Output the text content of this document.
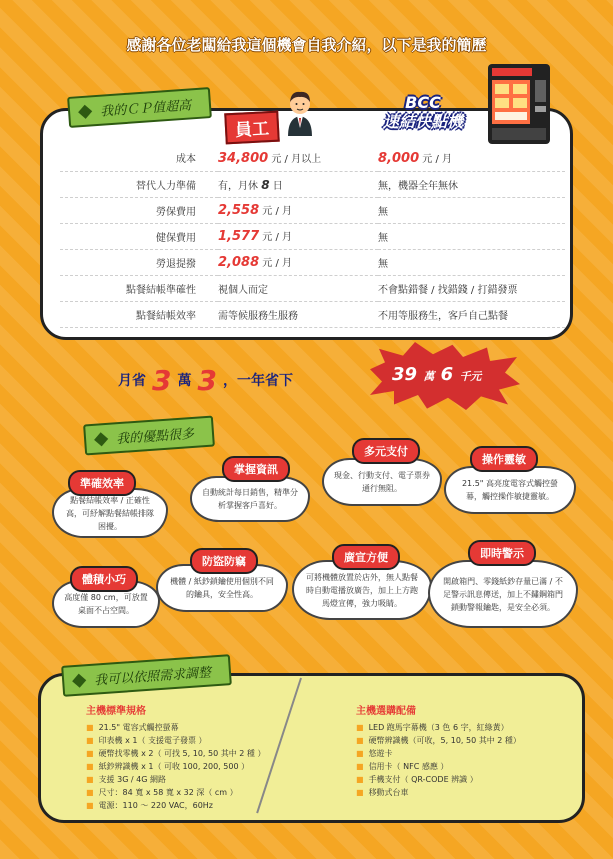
感謝各位老闆給我這個機會自我介紹，以下是我的簡歷
我的ＣＰ值超高
員工
BCC
速結快點機
成本	34,800 元 / 月以上	8,000 元 / 月
替代人力準備	有，月休 8 日	無，機器全年無休
勞保費用	2,558 元 / 月	無
健保費用	1,577 元 / 月	無
勞退提撥	2,088 元 / 月	無
點餐結帳準確性	視個人而定	不會點錯餐 / 找錯錢 / 打錯發票
點餐結帳效率	需等候服務生服務	不用等服務生，客戶自己點餐
月省 3 萬 3 ，一年省下	39 萬 6 千元
我的優點很多
點餐結帳效率 / 正確性高，可紓解點餐結帳排隊困擾。
準確效率
自動統計每日銷售，精準分析掌握客戶喜好。
掌握資訊	現金、行動支付、電子票券通行無阻。
多元支付
21.5" 高亮度電容式觸控螢幕，觸控操作敏捷靈敏。
操作靈敏
高度僅 80 cm，可放置桌面不占空間。
體積小巧	機體 / 紙鈔鎖鑰使用個別不同的鑰具，安全性高。
防盜防竊
可將機體放置於店外，無人點餐時自動電播放廣告，加上上方跑馬燈宣傳，強力吸睛。
廣宣方便
開啟箱門、零錢紙鈔存量已滿 / 不足警示訊息傳送，加上不鏽鋼箱門鎖動警報鑰匙，是安全必須。
即時警示
我可以依照需求調整
主機標準規格
■ 21.5" 電容式觸控螢幕
■ 印表機 x 1（ 支援電子發票 ）
■ 硬幣找零機 x 2（ 可找 5, 10, 50 其中 2 種 ）
■ 紙鈔辨識機 x 1（ 可收 100, 200, 500 ）
■ 支援 3G / 4G 網路
■ 尺寸：84 寬 x 58 寬 x 32 深（ cm ）
■ 電源：110 ～ 220 VAC，60Hz
主機選購配備
■ LED 跑馬字幕機（3 色 6 字，紅綠黃）
■ 硬幣辨識機（可收，5, 10, 50 其中 2 種）
■ 悠遊卡
■ 信用卡（ NFC 感應 ）
■ 手機支付（ QR-CODE 辨識 ）
■ 移動式台車
